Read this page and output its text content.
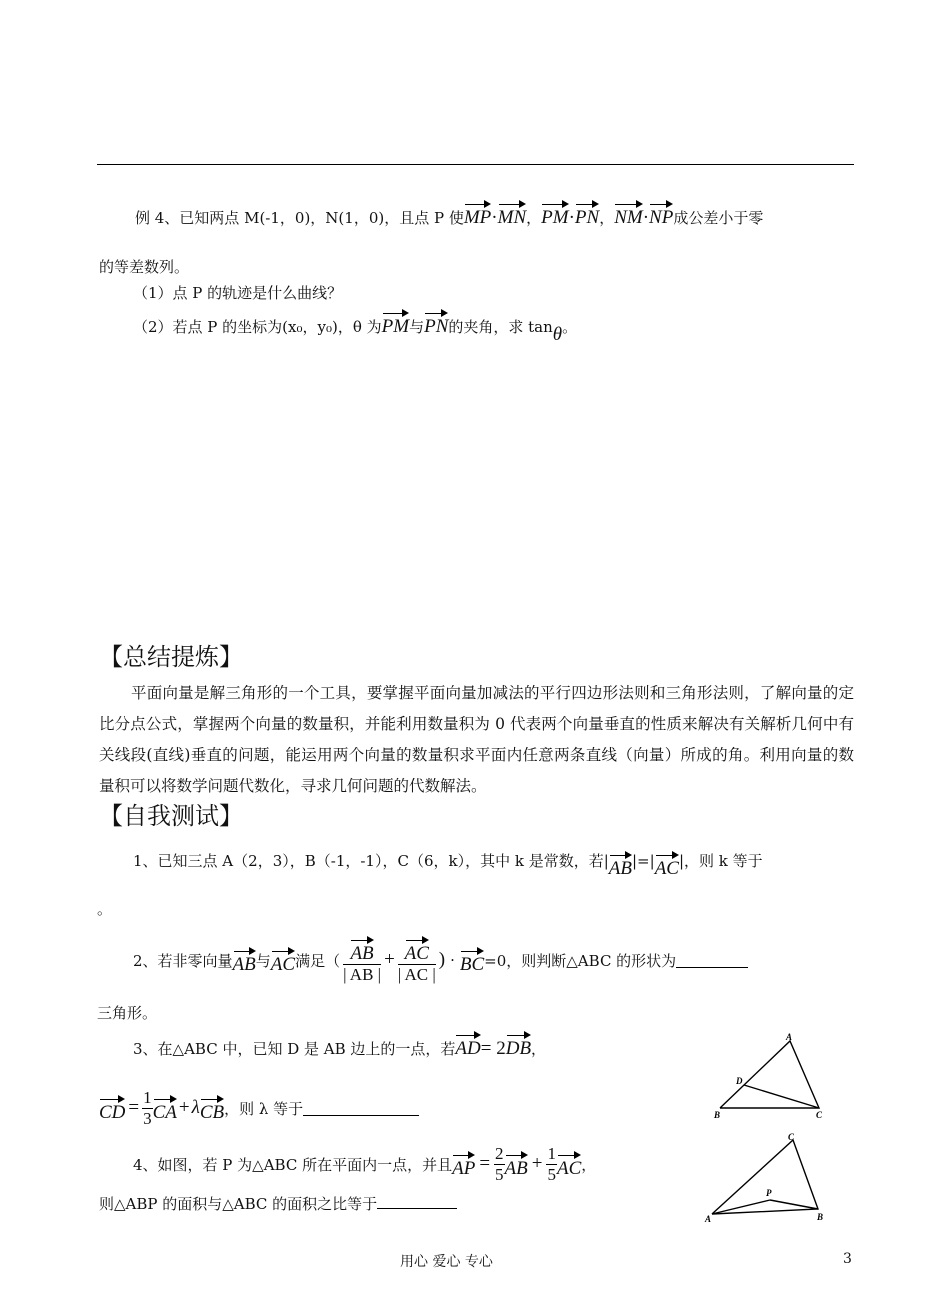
例 4、已知两点 M(-1，0)，N(1，0)，且点 P 使MP·MN，PM·PN，NM·NP成公差小于零
的等差数列。
（1）点 P 的轨迹是什么曲线？
（2）若点 P 的坐标为(x₀，y₀)，θ 为PM与PN的夹角，求 tanθ。
【总结提炼】
平面向量是解三角形的一个工具，要掌握平面向量加减法的平行四边形法则和三角形法则，了解向量的定比分点公式，掌握两个向量的数量积，并能利用数量积为 0 代表两个向量垂直的性质来解决有关解析几何中有关线段(直线)垂直的问题，能运用两个向量的数量积求平面内任意两条直线（向量）所成的角。利用向量的数量积可以将数学问题代数化，寻求几何问题的代数解法。
【自我测试】
1、已知三点 A（2，3），B（-1，-1），C（6，k），其中 k 是常数，若|AB|=|AC|，则 k 等于
。
2、若非零向量 AB 与 AC 满足（ $\frac{AB}{| AB |} + \frac{AC}{| AC |}$ ) · BC =0，则判断△ABC 的形状为
三角形。
3、在△ABC 中，已知 D 是 AB 边上的一点，若AD= 2DB，
CD = $\frac{1}{3}$ CA + λ CB ，则 λ 等于
4、如图，若 P 为△ABC 所在平面内一点，并且 AP = $\frac{2}{5}$ AB + $\frac{1}{5}$ AC ，
则△ABP 的面积与△ABC 的面积之比等于
A
B	C
D
C
A	B
P
用心 爱心 专心	3
